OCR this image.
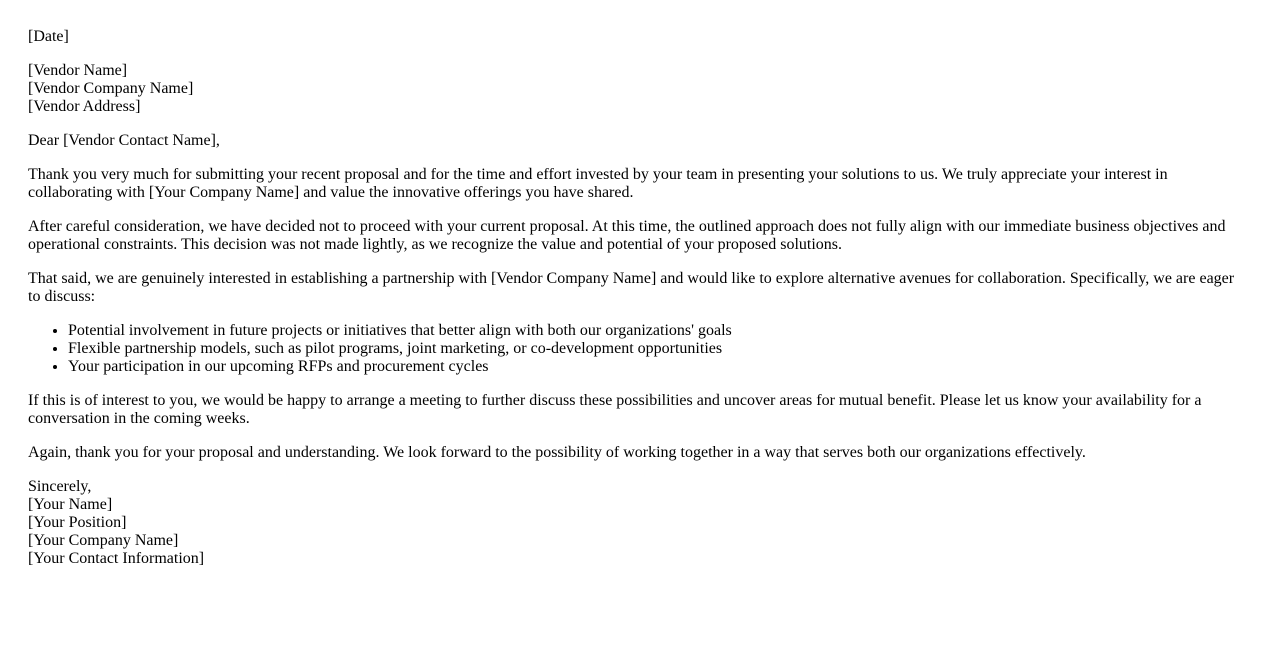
[Date]
[Vendor Name]
[Vendor Company Name]
[Vendor Address]
Dear [Vendor Contact Name],
Thank you very much for submitting your recent proposal and for the time and effort invested by your team in presenting your solutions to us. We truly appreciate your interest in collaborating with [Your Company Name] and value the innovative offerings you have shared.
After careful consideration, we have decided not to proceed with your current proposal. At this time, the outlined approach does not fully align with our immediate business objectives and operational constraints. This decision was not made lightly, as we recognize the value and potential of your proposed solutions.
That said, we are genuinely interested in establishing a partnership with [Vendor Company Name] and would like to explore alternative avenues for collaboration. Specifically, we are eager to discuss:
• Potential involvement in future projects or initiatives that better align with both our organizations' goals
• Flexible partnership models, such as pilot programs, joint marketing, or co-development opportunities
• Your participation in our upcoming RFPs and procurement cycles
If this is of interest to you, we would be happy to arrange a meeting to further discuss these possibilities and uncover areas for mutual benefit. Please let us know your availability for a conversation in the coming weeks.
Again, thank you for your proposal and understanding. We look forward to the possibility of working together in a way that serves both our organizations effectively.
Sincerely,
[Your Name]
[Your Position]
[Your Company Name]
[Your Contact Information]
